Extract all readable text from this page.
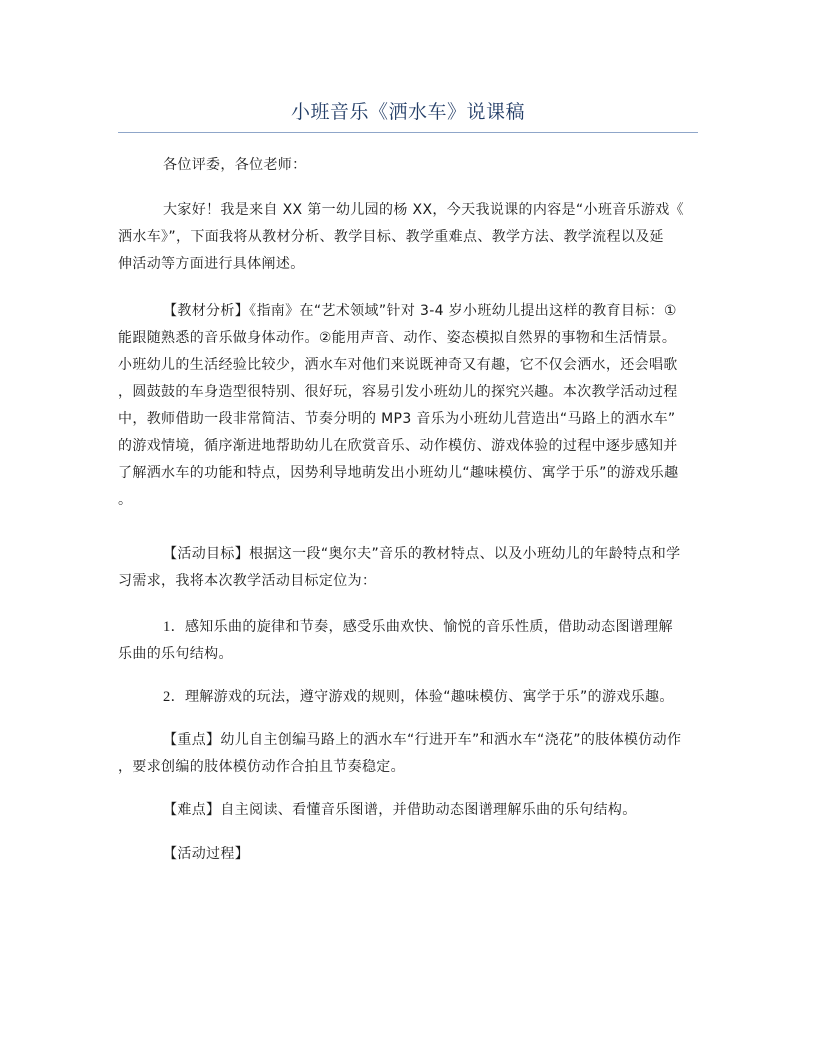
小班音乐《洒水车》说课稿
各位评委，各位老师：
大家好！我是来自 XX 第一幼儿园的杨 XX，今天我说课的内容是“小班音乐游戏《
洒水车》”，下面我将从教材分析、教学目标、教学重难点、教学方法、教学流程以及延
伸活动等方面进行具体阐述。
【教材分析】《指南》在“艺术领域”针对 3-4 岁小班幼儿提出这样的教育目标：①
能跟随熟悉的音乐做身体动作。②能用声音、动作、姿态模拟自然界的事物和生活情景。
小班幼儿的生活经验比较少，洒水车对他们来说既神奇又有趣，它不仅会洒水，还会唱歌
，圆鼓鼓的车身造型很特别、很好玩，容易引发小班幼儿的探究兴趣。本次教学活动过程
中，教师借助一段非常简洁、节奏分明的 MP3 音乐为小班幼儿营造出“马路上的洒水车”
的游戏情境，循序渐进地帮助幼儿在欣赏音乐、动作模仿、游戏体验的过程中逐步感知并
了解洒水车的功能和特点，因势利导地萌发出小班幼儿“趣味模仿、寓学于乐”的游戏乐趣
。
【活动目标】根据这一段“奥尔夫”音乐的教材特点、以及小班幼儿的年龄特点和学
习需求，我将本次教学活动目标定位为：
1．感知乐曲的旋律和节奏，感受乐曲欢快、愉悦的音乐性质，借助动态图谱理解
乐曲的乐句结构。
2．理解游戏的玩法，遵守游戏的规则，体验“趣味模仿、寓学于乐”的游戏乐趣。
【重点】幼儿自主创编马路上的洒水车“行进开车”和洒水车“浇花”的肢体模仿动作
，要求创编的肢体模仿动作合拍且节奏稳定。
【难点】自主阅读、看懂音乐图谱，并借助动态图谱理解乐曲的乐句结构。
【活动过程】
